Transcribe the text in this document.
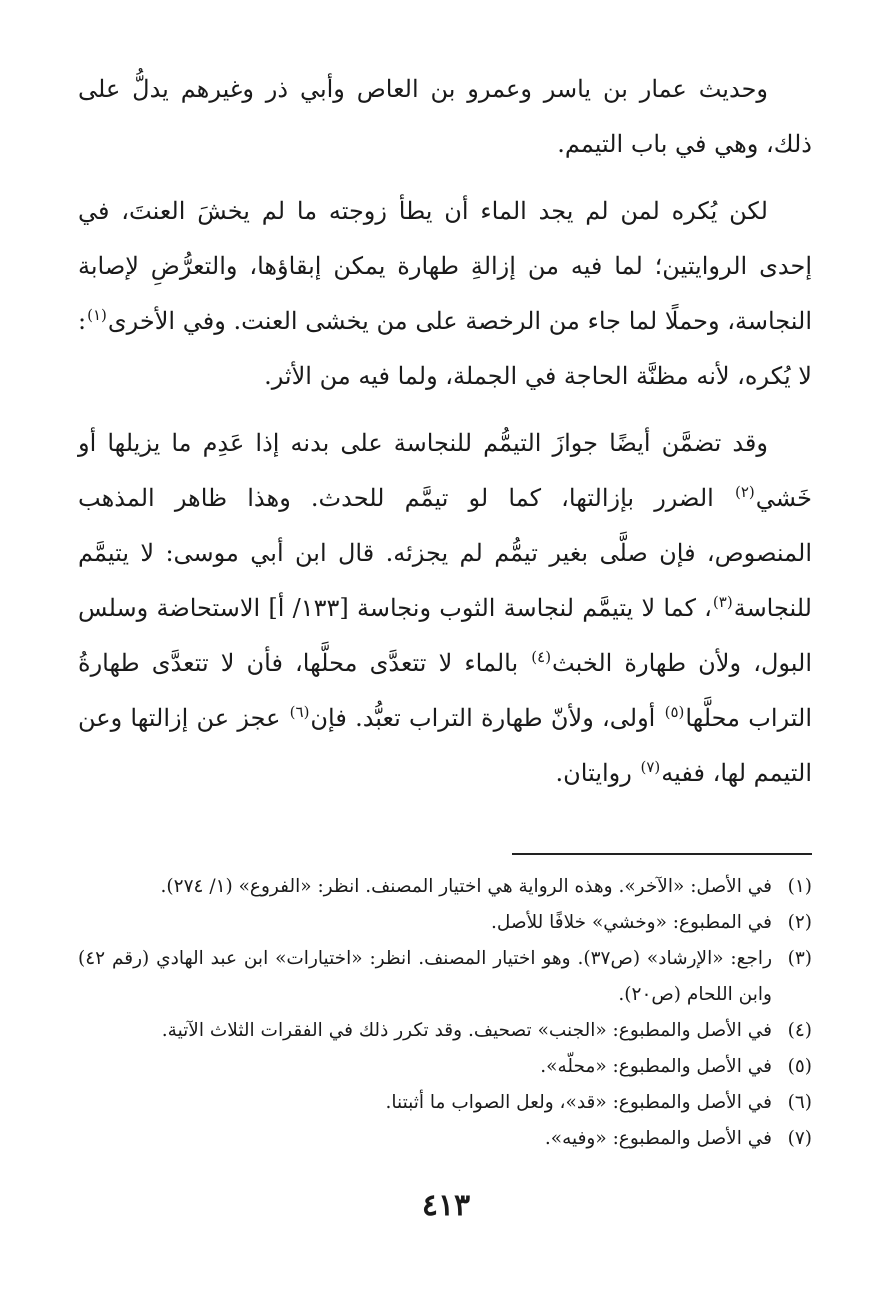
وحديث عمار بن ياسر وعمرو بن العاص وأبي ذر وغيرهم يدلُّ على ذلك، وهي في باب التيمم.

لكن يُكره لمن لم يجد الماء أن يطأ زوجته ما لم يخشَ العنتَ، في إحدى الروايتين؛ لما فيه من إزالةِ طهارة يمكن إبقاؤها، والتعرُّضِ لإصابة النجاسة، وحملًا لما جاء من الرخصة على من يخشى العنت. وفي الأخرى$^{(١)}$: لا يُكره، لأنه مظنَّة الحاجة في الجملة، ولما فيه من الأثر.

وقد تضمَّن أيضًا جوازَ التيمُّم للنجاسة على بدنه إذا عَدِم ما يزيلها أو خَشي$^{(٢)}$ الضرر بإزالتها، كما لو تيمَّم للحدث. وهذا ظاهر المذهب المنصوص، فإن صلَّى بغير تيمُّم لم يجزئه. قال ابن أبي موسى: لا يتيمَّم للنجاسة$^{(٣)}$، كما لا يتيمَّم لنجاسة الثوب ونجاسة [١٣٣/ أ] الاستحاضة وسلس البول، ولأن طهارة الخبث$^{(٤)}$ بالماء لا تتعدَّى محلَّها، فأن لا تتعدَّى طهارةُ التراب محلَّها$^{(٥)}$ أولى، ولأنّ طهارة التراب تعبُّد. فإن$^{(٦)}$ عجز عن إزالتها وعن التيمم لها، ففيه$^{(٧)}$ روايتان.

(١)
في الأصل: «الآخر». وهذه الرواية هي اختيار المصنف. انظر: «الفروع» (١/ ٢٧٤).
(٢)
في المطبوع: «وخشي» خلافًا للأصل.
(٣)
راجع: «الإرشاد» (ص٣٧). وهو اختيار المصنف. انظر: «اختيارات» ابن عبد الهادي (رقم ٤٢) وابن اللحام (ص٢٠).
(٤)
في الأصل والمطبوع: «الجنب» تصحيف. وقد تكرر ذلك في الفقرات الثلاث الآتية.
(٥)
في الأصل والمطبوع: «محلّه».
(٦)
في الأصل والمطبوع: «قد»، ولعل الصواب ما أثبتنا.
(٧)
في الأصل والمطبوع: «وفيه».
٤١٣
